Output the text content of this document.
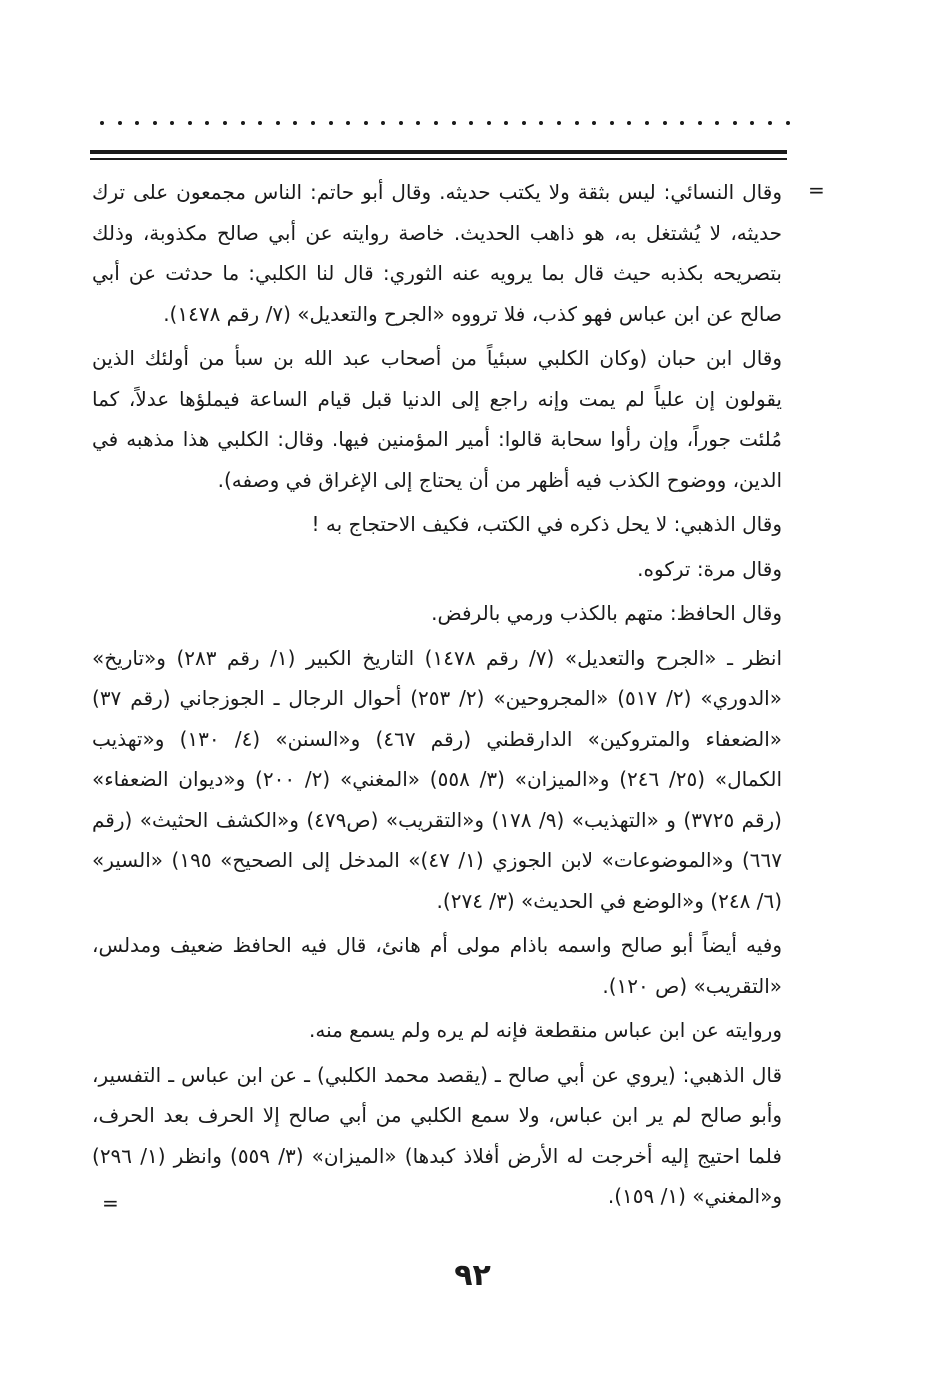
=

وقال النسائي: ليس بثقة ولا يكتب حديثه. وقال أبو حاتم: الناس مجمعون على ترك حديثه، لا يُشتغل به، هو ذاهب الحديث. خاصة روايته عن أبي صالح مكذوبة، وذلك بتصريحه بكذبه حيث قال بما يرويه عنه الثوري: قال لنا الكلبي: ما حدثت عن أبي صالح عن ابن عباس فهو كذب، فلا ترووه «الجرح والتعديل» (٧/ رقم ١٤٧٨).

وقال ابن حبان (وكان الكلبي سبئياً من أصحاب عبد الله بن سبأ من أولئك الذين يقولون إن علياً لم يمت وإنه راجع إلى الدنيا قبل قيام الساعة فيملؤها عدلاً، كما مُلئت جوراً، وإن رأوا سحابة قالوا: أمير المؤمنين فيها. وقال: الكلبي هذا مذهبه في الدين، ووضوح الكذب فيه أظهر من أن يحتاج إلى الإغراق في وصفه).

وقال الذهبي: لا يحل ذكره في الكتب، فكيف الاحتجاج به !

وقال مرة: تركوه.

وقال الحافظ: متهم بالكذب ورمي بالرفض.

انظر ـ «الجرح والتعديل» (٧/ رقم ١٤٧٨) التاريخ الكبير (١/ رقم ٢٨٣) و«تاريخ» «الدوري» (٢/ ٥١٧) «المجروحين» (٢/ ٢٥٣) أحوال الرجال ـ الجوزجاني (رقم ٣٧) «الضعفاء والمتروكين» الدارقطني (رقم ٤٦٧) و«السنن» (٤/ ١٣٠) و«تهذيب الكمال» (٢٥/ ٢٤٦) و«الميزان» (٣/ ٥٥٨) «المغني» (٢/ ٢٠٠) و«ديوان الضعفاء» (رقم ٣٧٢٥) و «التهذيب» (٩/ ١٧٨) و«التقريب» (ص٤٧٩) و«الكشف الحثيث» (رقم ٦٦٧) و«الموضوعات» لابن الجوزي (١/ ٤٧)» المدخل إلى الصحيح» ١٩٥) «السير» (٦/ ٢٤٨) و«الوضع في الحديث» (٣/ ٢٧٤).

وفيه أيضاً أبو صالح واسمه باذام مولى أم هانئ، قال فيه الحافظ ضعيف ومدلس، «التقريب» (ص ١٢٠).

وروايته عن ابن عباس منقطعة فإنه لم يره ولم يسمع منه.

قال الذهبي: (يروي عن أبي صالح ـ (يقصد محمد الكلبي) ـ عن ابن عباس ـ التفسير، وأبو صالح لم ير ابن عباس، ولا سمع الكلبي من أبي صالح إلا الحرف بعد الحرف، فلما احتيج إليه أخرجت له الأرض أفلاذ كبدها) «الميزان» (٣/ ٥٥٩) وانظر (١/ ٢٩٦) و«المغني» (١/ ١٥٩).

=
٩٢
